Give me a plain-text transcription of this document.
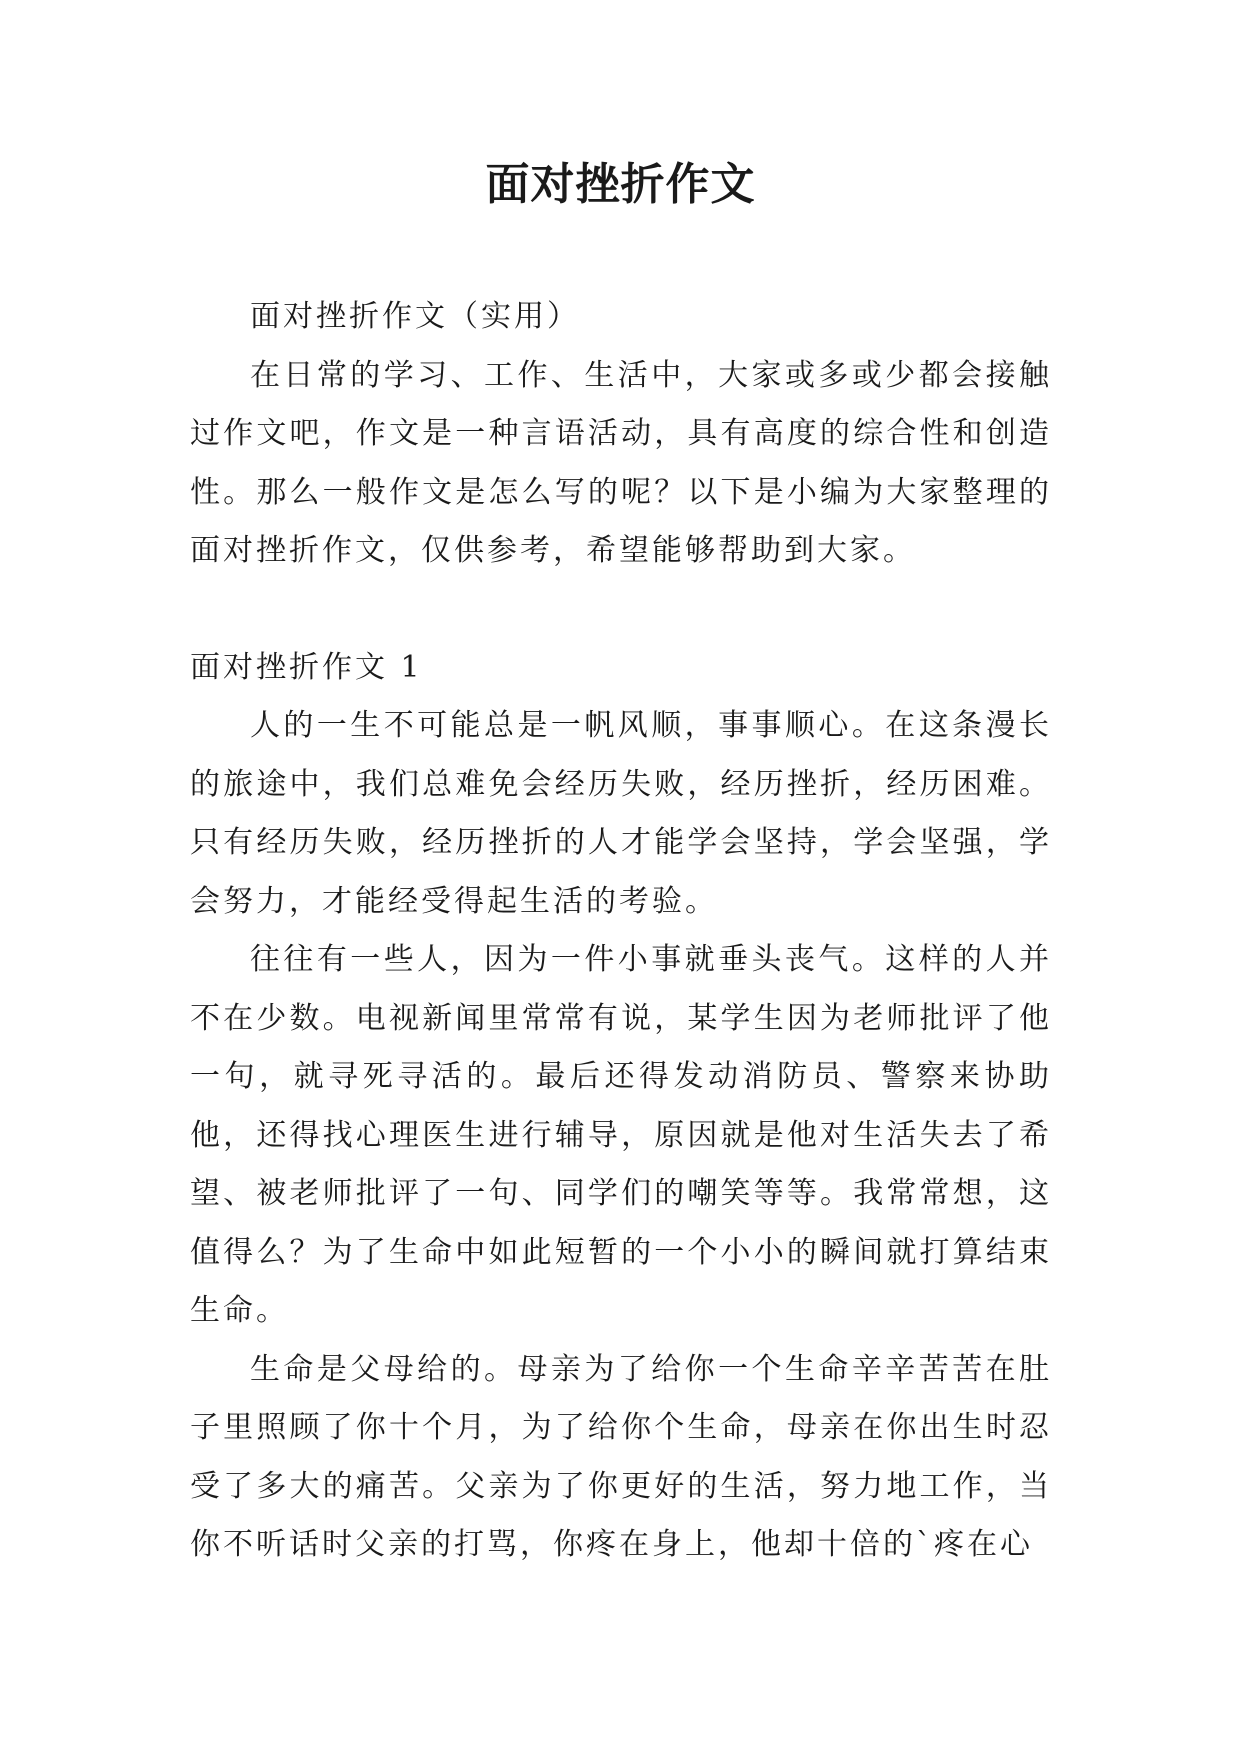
面对挫折作文

面对挫折作文（实用）

在日常的学习、工作、生活中，大家或多或少都会接触过作文吧，作文是一种言语活动，具有高度的综合性和创造性。那么一般作文是怎么写的呢？以下是小编为大家整理的面对挫折作文，仅供参考，希望能够帮助到大家。

面对挫折作文 1

人的一生不可能总是一帆风顺，事事顺心。在这条漫长的旅途中，我们总难免会经历失败，经历挫折，经历困难。只有经历失败，经历挫折的人才能学会坚持，学会坚强，学会努力，才能经受得起生活的考验。

往往有一些人，因为一件小事就垂头丧气。这样的人并不在少数。电视新闻里常常有说，某学生因为老师批评了他一句，就寻死寻活的。最后还得发动消防员、警察来协助他，还得找心理医生进行辅导，原因就是他对生活失去了希望、被老师批评了一句、同学们的嘲笑等等。我常常想，这值得么？为了生命中如此短暂的一个小小的瞬间就打算结束生命。

生命是父母给的。母亲为了给你一个生命辛辛苦苦在肚子里照顾了你十个月，为了给你个生命，母亲在你出生时忍受了多大的痛苦。父亲为了你更好的生活，努力地工作，当你不听话时父亲的打骂，你疼在身上，他却十倍的`疼在心
